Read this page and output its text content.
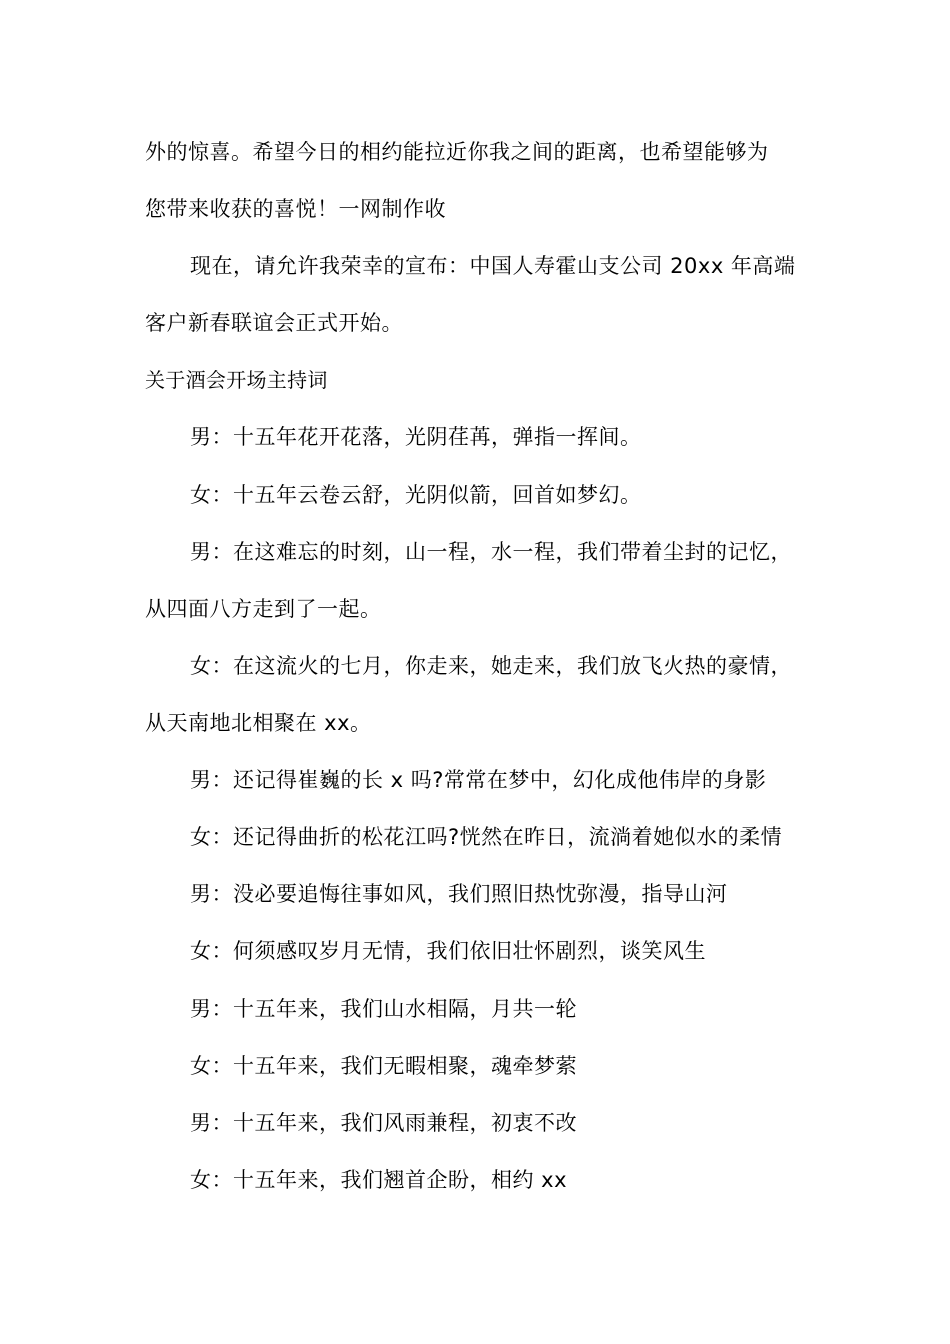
外的惊喜。希望今日的相约能拉近你我之间的距离，也希望能够为
您带来收获的喜悦！一网制作收
现在，请允许我荣幸的宣布：中国人寿霍山支公司 20xx 年高端
客户新春联谊会正式开始。
关于酒会开场主持词
男：十五年花开花落，光阴荏苒，弹指一挥间。
女：十五年云卷云舒，光阴似箭，回首如梦幻。
男：在这难忘的时刻，山一程，水一程，我们带着尘封的记忆，
从四面八方走到了一起。
女：在这流火的七月，你走来，她走来，我们放飞火热的豪情，
从天南地北相聚在 xx。
男：还记得崔巍的长 x 吗?常常在梦中，幻化成他伟岸的身影
女：还记得曲折的松花江吗?恍然在昨日，流淌着她似水的柔情
男：没必要追悔往事如风，我们照旧热忱弥漫，指导山河
女：何须感叹岁月无情，我们依旧壮怀剧烈，谈笑风生
男：十五年来，我们山水相隔，月共一轮
女：十五年来，我们无暇相聚，魂牵梦萦
男：十五年来，我们风雨兼程，初衷不改
女：十五年来，我们翘首企盼，相约 xx
